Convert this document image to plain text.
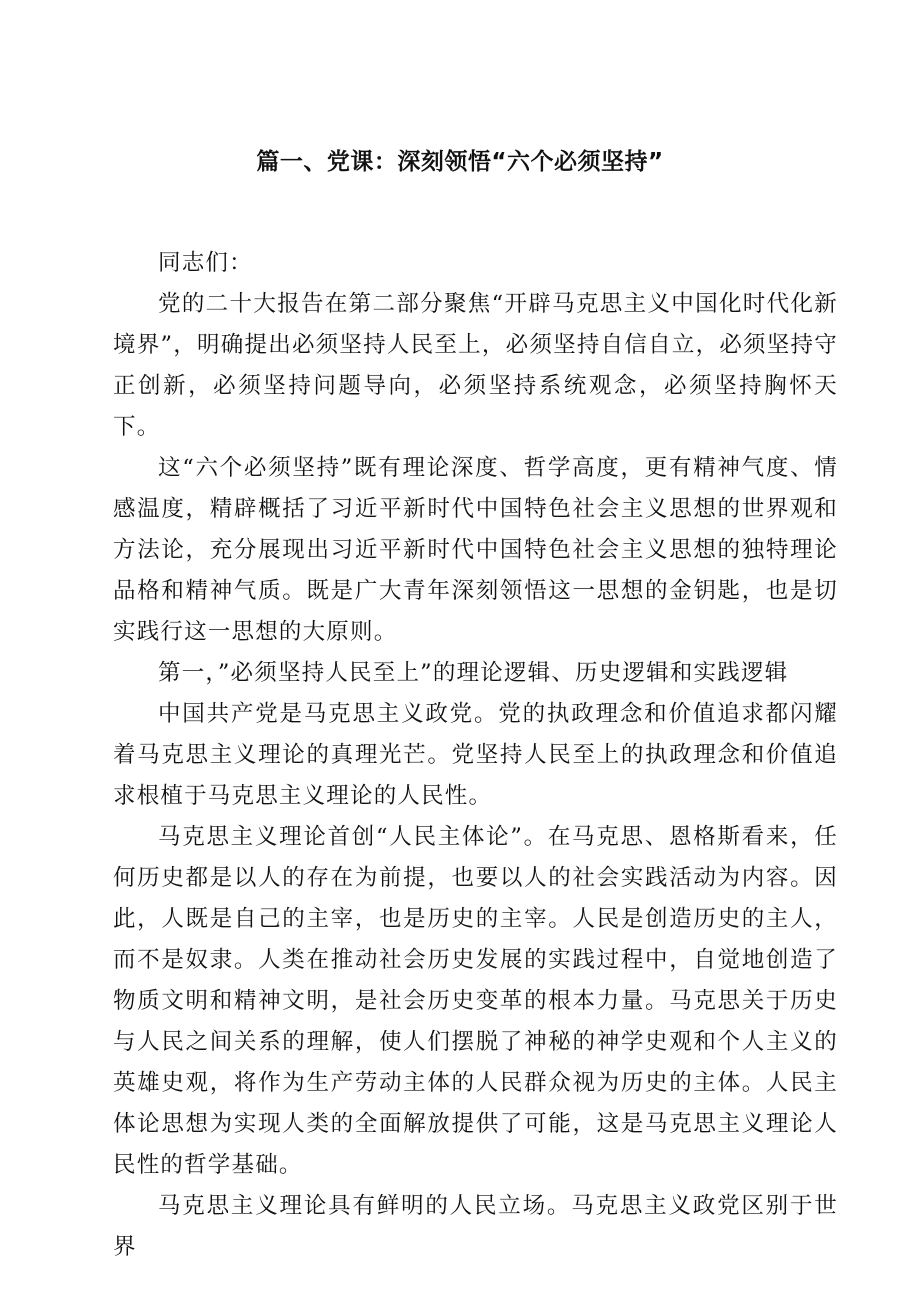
篇一、党课：深刻领悟“六个必须坚持”

同志们：

党的二十大报告在第二部分聚焦“开辟马克思主义中国化时代化新境界”，明确提出必须坚持人民至上，必须坚持自信自立，必须坚持守正创新，必须坚持问题导向，必须坚持系统观念，必须坚持胸怀天下。

这“六个必须坚持”既有理论深度、哲学高度，更有精神气度、情感温度，精辟概括了习近平新时代中国特色社会主义思想的世界观和方法论，充分展现出习近平新时代中国特色社会主义思想的独特理论品格和精神气质。既是广大青年深刻领悟这一思想的金钥匙，也是切实践行这一思想的大原则。

第一，”必须坚持人民至上”的理论逻辑、历史逻辑和实践逻辑

中国共产党是马克思主义政党。党的执政理念和价值追求都闪耀着马克思主义理论的真理光芒。党坚持人民至上的执政理念和价值追求根植于马克思主义理论的人民性。

马克思主义理论首创“人民主体论”。在马克思、恩格斯看来，任何历史都是以人的存在为前提，也要以人的社会实践活动为内容。因此，人既是自己的主宰，也是历史的主宰。人民是创造历史的主人，而不是奴隶。人类在推动社会历史发展的实践过程中，自觉地创造了物质文明和精神文明，是社会历史变革的根本力量。马克思关于历史与人民之间关系的理解，使人们摆脱了神秘的神学史观和个人主义的英雄史观，将作为生产劳动主体的人民群众视为历史的主体。人民主体论思想为实现人类的全面解放提供了可能，这是马克思主义理论人民性的哲学基础。

马克思主义理论具有鲜明的人民立场。马克思主义政党区别于世界
